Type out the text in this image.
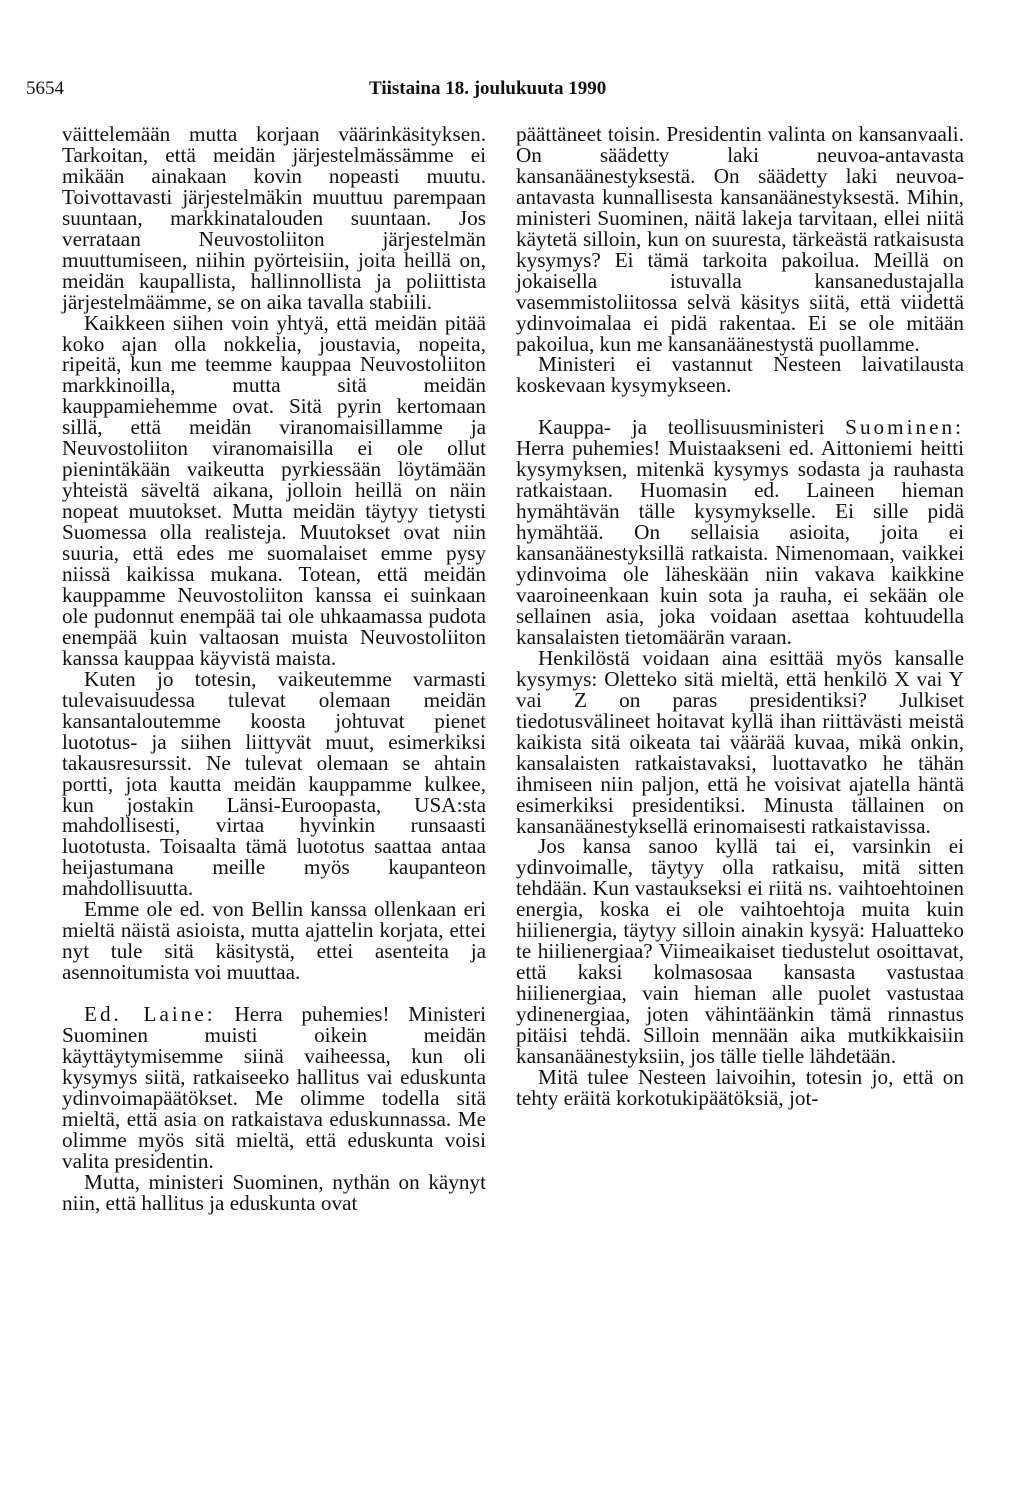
5654	Tiistaina 18. joulukuuta 1990

väittelemään mutta korjaan väärinkäsityksen. Tarkoitan, että meidän järjestelmässämme ei mikään ainakaan kovin nopeasti muutu. Toivottavasti järjestelmäkin muuttuu parempaan suuntaan, markkinatalouden suuntaan. Jos verrataan Neuvostoliiton järjestelmän muuttumiseen, niihin pyörteisiin, joita heillä on, meidän kaupallista, hallinnollista ja poliittista järjestelmäämme, se on aika tavalla stabiili.

Kaikkeen siihen voin yhtyä, että meidän pitää koko ajan olla nokkelia, joustavia, nopeita, ripeitä, kun me teemme kauppaa Neuvostoliiton markkinoilla, mutta sitä meidän kauppamiehemme ovat. Sitä pyrin kertomaan sillä, että meidän viranomaisillamme ja Neuvostoliiton viranomaisilla ei ole ollut pienintäkään vaikeutta pyrkiessään löytämään yhteistä säveltä aikana, jolloin heillä on näin nopeat muutokset. Mutta meidän täytyy tietysti Suomessa olla realisteja. Muutokset ovat niin suuria, että edes me suomalaiset emme pysy niissä kaikissa mukana. Totean, että meidän kauppamme Neuvostoliiton kanssa ei suinkaan ole pudonnut enempää tai ole uhkaamassa pudota enempää kuin valtaosan muista Neuvostoliiton kanssa kauppaa käyvistä maista.

Kuten jo totesin, vaikeutemme varmasti tulevaisuudessa tulevat olemaan meidän kansantaloutemme koosta johtuvat pienet luototus- ja siihen liittyvät muut, esimerkiksi takausresurssit. Ne tulevat olemaan se ahtain portti, jota kautta meidän kauppamme kulkee, kun jostakin Länsi-Euroopasta, USA:sta mahdollisesti, virtaa hyvinkin runsaasti luototusta. Toisaalta tämä luototus saattaa antaa heijastumana meille myös kaupanteon mahdollisuutta.

Emme ole ed. von Bellin kanssa ollenkaan eri mieltä näistä asioista, mutta ajattelin korjata, ettei nyt tule sitä käsitystä, ettei asenteita ja asennoitumista voi muuttaa.

Ed. Laine: Herra puhemies! Ministeri Suominen muisti oikein meidän käyttäytymisemme siinä vaiheessa, kun oli kysymys siitä, ratkaiseeko hallitus vai eduskunta ydinvoimapäätökset. Me olimme todella sitä mieltä, että asia on ratkaistava eduskunnassa. Me olimme myös sitä mieltä, että eduskunta voisi valita presidentin.

Mutta, ministeri Suominen, nythän on käynyt niin, että hallitus ja eduskunta ovat

päättäneet toisin. Presidentin valinta on kansanvaali. On säädetty laki neuvoa-antavasta kansanäänestyksestä. On säädetty laki neuvoa-antavasta kunnallisesta kansanäänestyksestä. Mihin, ministeri Suominen, näitä lakeja tarvitaan, ellei niitä käytetä silloin, kun on suuresta, tärkeästä ratkaisusta kysymys? Ei tämä tarkoita pakoilua. Meillä on jokaisella istuvalla kansanedustajalla vasemmistoliitossa selvä käsitys siitä, että viidettä ydinvoimalaa ei pidä rakentaa. Ei se ole mitään pakoilua, kun me kansanäänestystä puollamme.

Ministeri ei vastannut Nesteen laivatilausta koskevaan kysymykseen.

Kauppa- ja teollisuusministeri Suominen: Herra puhemies! Muistaakseni ed. Aittoniemi heitti kysymyksen, mitenkä kysymys sodasta ja rauhasta ratkaistaan. Huomasin ed. Laineen hieman hymähtävän tälle kysymykselle. Ei sille pidä hymähtää. On sellaisia asioita, joita ei kansanäänestyksillä ratkaista. Nimenomaan, vaikkei ydinvoima ole läheskään niin vakava kaikkine vaaroineenkaan kuin sota ja rauha, ei sekään ole sellainen asia, joka voidaan asettaa kohtuudella kansalaisten tietomäärän varaan.

Henkilöstä voidaan aina esittää myös kansalle kysymys: Oletteko sitä mieltä, että henkilö X vai Y vai Z on paras presidentiksi? Julkiset tiedotusvälineet hoitavat kyllä ihan riittävästi meistä kaikista sitä oikeata tai väärää kuvaa, mikä onkin, kansalaisten ratkaistavaksi, luottavatko he tähän ihmiseen niin paljon, että he voisivat ajatella häntä esimerkiksi presidentiksi. Minusta tällainen on kansanäänestyksellä erinomaisesti ratkaistavissa.

Jos kansa sanoo kyllä tai ei, varsinkin ei ydinvoimalle, täytyy olla ratkaisu, mitä sitten tehdään. Kun vastaukseksi ei riitä ns. vaihtoehtoinen energia, koska ei ole vaihtoehtoja muita kuin hiilienergia, täytyy silloin ainakin kysyä: Haluatteko te hiilienergiaa? Viimeaikaiset tiedustelut osoittavat, että kaksi kolmasosaa kansasta vastustaa hiilienergiaa, vain hieman alle puolet vastustaa ydinenergiaa, joten vähintäänkin tämä rinnastus pitäisi tehdä. Silloin mennään aika mutkikkaisiin kansanäänestyksiin, jos tälle tielle lähdetään.

Mitä tulee Nesteen laivoihin, totesin jo, että on tehty eräitä korkotukipäätöksiä, jot-
